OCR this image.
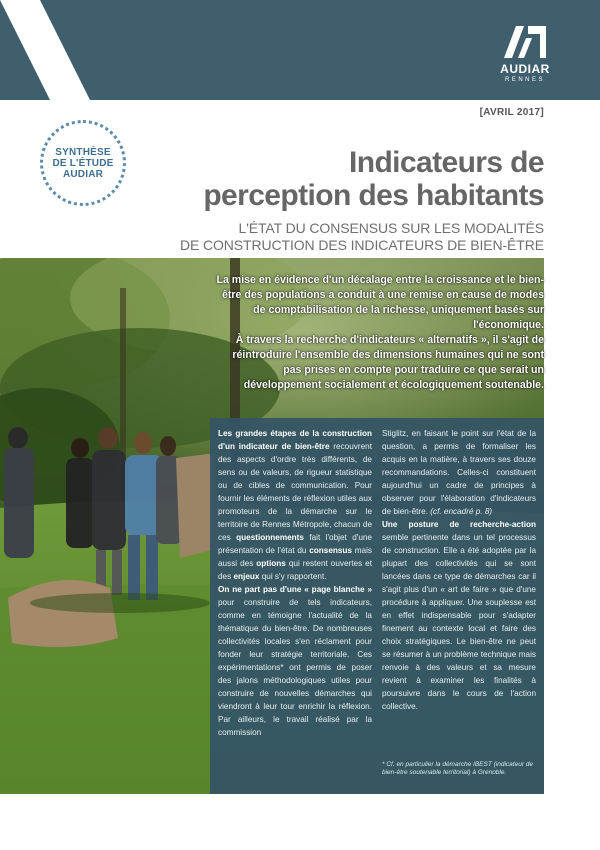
AUDIAR
RENNES
[AVRIL 2017]
SYNTHÈSE
DE L'ÉTUDE
AUDIAR	Indicateurs de
perception des habitants
L'ÉTAT DU CONSENSUS SUR LES MODALITÉS
DE CONSTRUCTION DES INDICATEURS DE BIEN-ÊTRE

La mise en évidence d'un décalage entre la croissance et le bien-être des populations a conduit à une remise en cause de modes de comptabilisation de la richesse, uniquement basés sur l'économique.

À travers la recherche d'indicateurs « alternatifs », il s'agit de réintroduire l'ensemble des dimensions humaines qui ne sont pas prises en compte pour traduire ce que serait un développement socialement et écologiquement soutenable.

Les grandes étapes de la construction d'un indicateur de bien-être recouvrent des aspects d'ordre très différents, de sens ou de valeurs, de rigueur statistique ou de cibles de communication. Pour fournir les éléments de réflexion utiles aux promoteurs de la démarche sur le territoire de Rennes Métropole, chacun de ces questionnements fait l'objet d'une présentation de l'état du consensus mais aussi des options qui restent ouvertes et des enjeux qui s'y rapportent.

On ne part pas d'une « page blanche » pour construire de tels indicateurs, comme en témoigne l'actualité de la thématique du bien-être. De nombreuses collectivités locales s'en réclament pour fonder leur stratégie territoriale. Ces expérimentations* ont permis de poser des jalons méthodologiques utiles pour construire de nouvelles démarches qui viendront à leur tour enrichir la réflexion. Par ailleurs, le travail réalisé par la commission

Stiglitz, en faisant le point sur l'état de la question, a permis de formaliser les acquis en la matière, à travers ses douze recommandations. Celles-ci constituent aujourd'hui un cadre de principes à observer pour l'élaboration d'indicateurs de bien-être. (cf. encadré p. 8)

Une posture de recherche-action semble pertinente dans un tel processus de construction. Elle a été adoptée par la plupart des collectivités qui se sont lancées dans ce type de démarches car il s'agit plus d'un « art de faire » que d'une procédure à appliquer. Une souplesse est en effet indispensable pour s'adapter finement au contexte local et faire des choix stratégiques. Le bien-être ne peut se résumer à un problème technique mais renvoie à des valeurs et sa mesure revient à examiner les finalités à poursuivre dans le cours de l'action collective.

* Cf. en particulier la démarche IBEST (indicateur de bien-être soutenable territorial) à Grenoble.
